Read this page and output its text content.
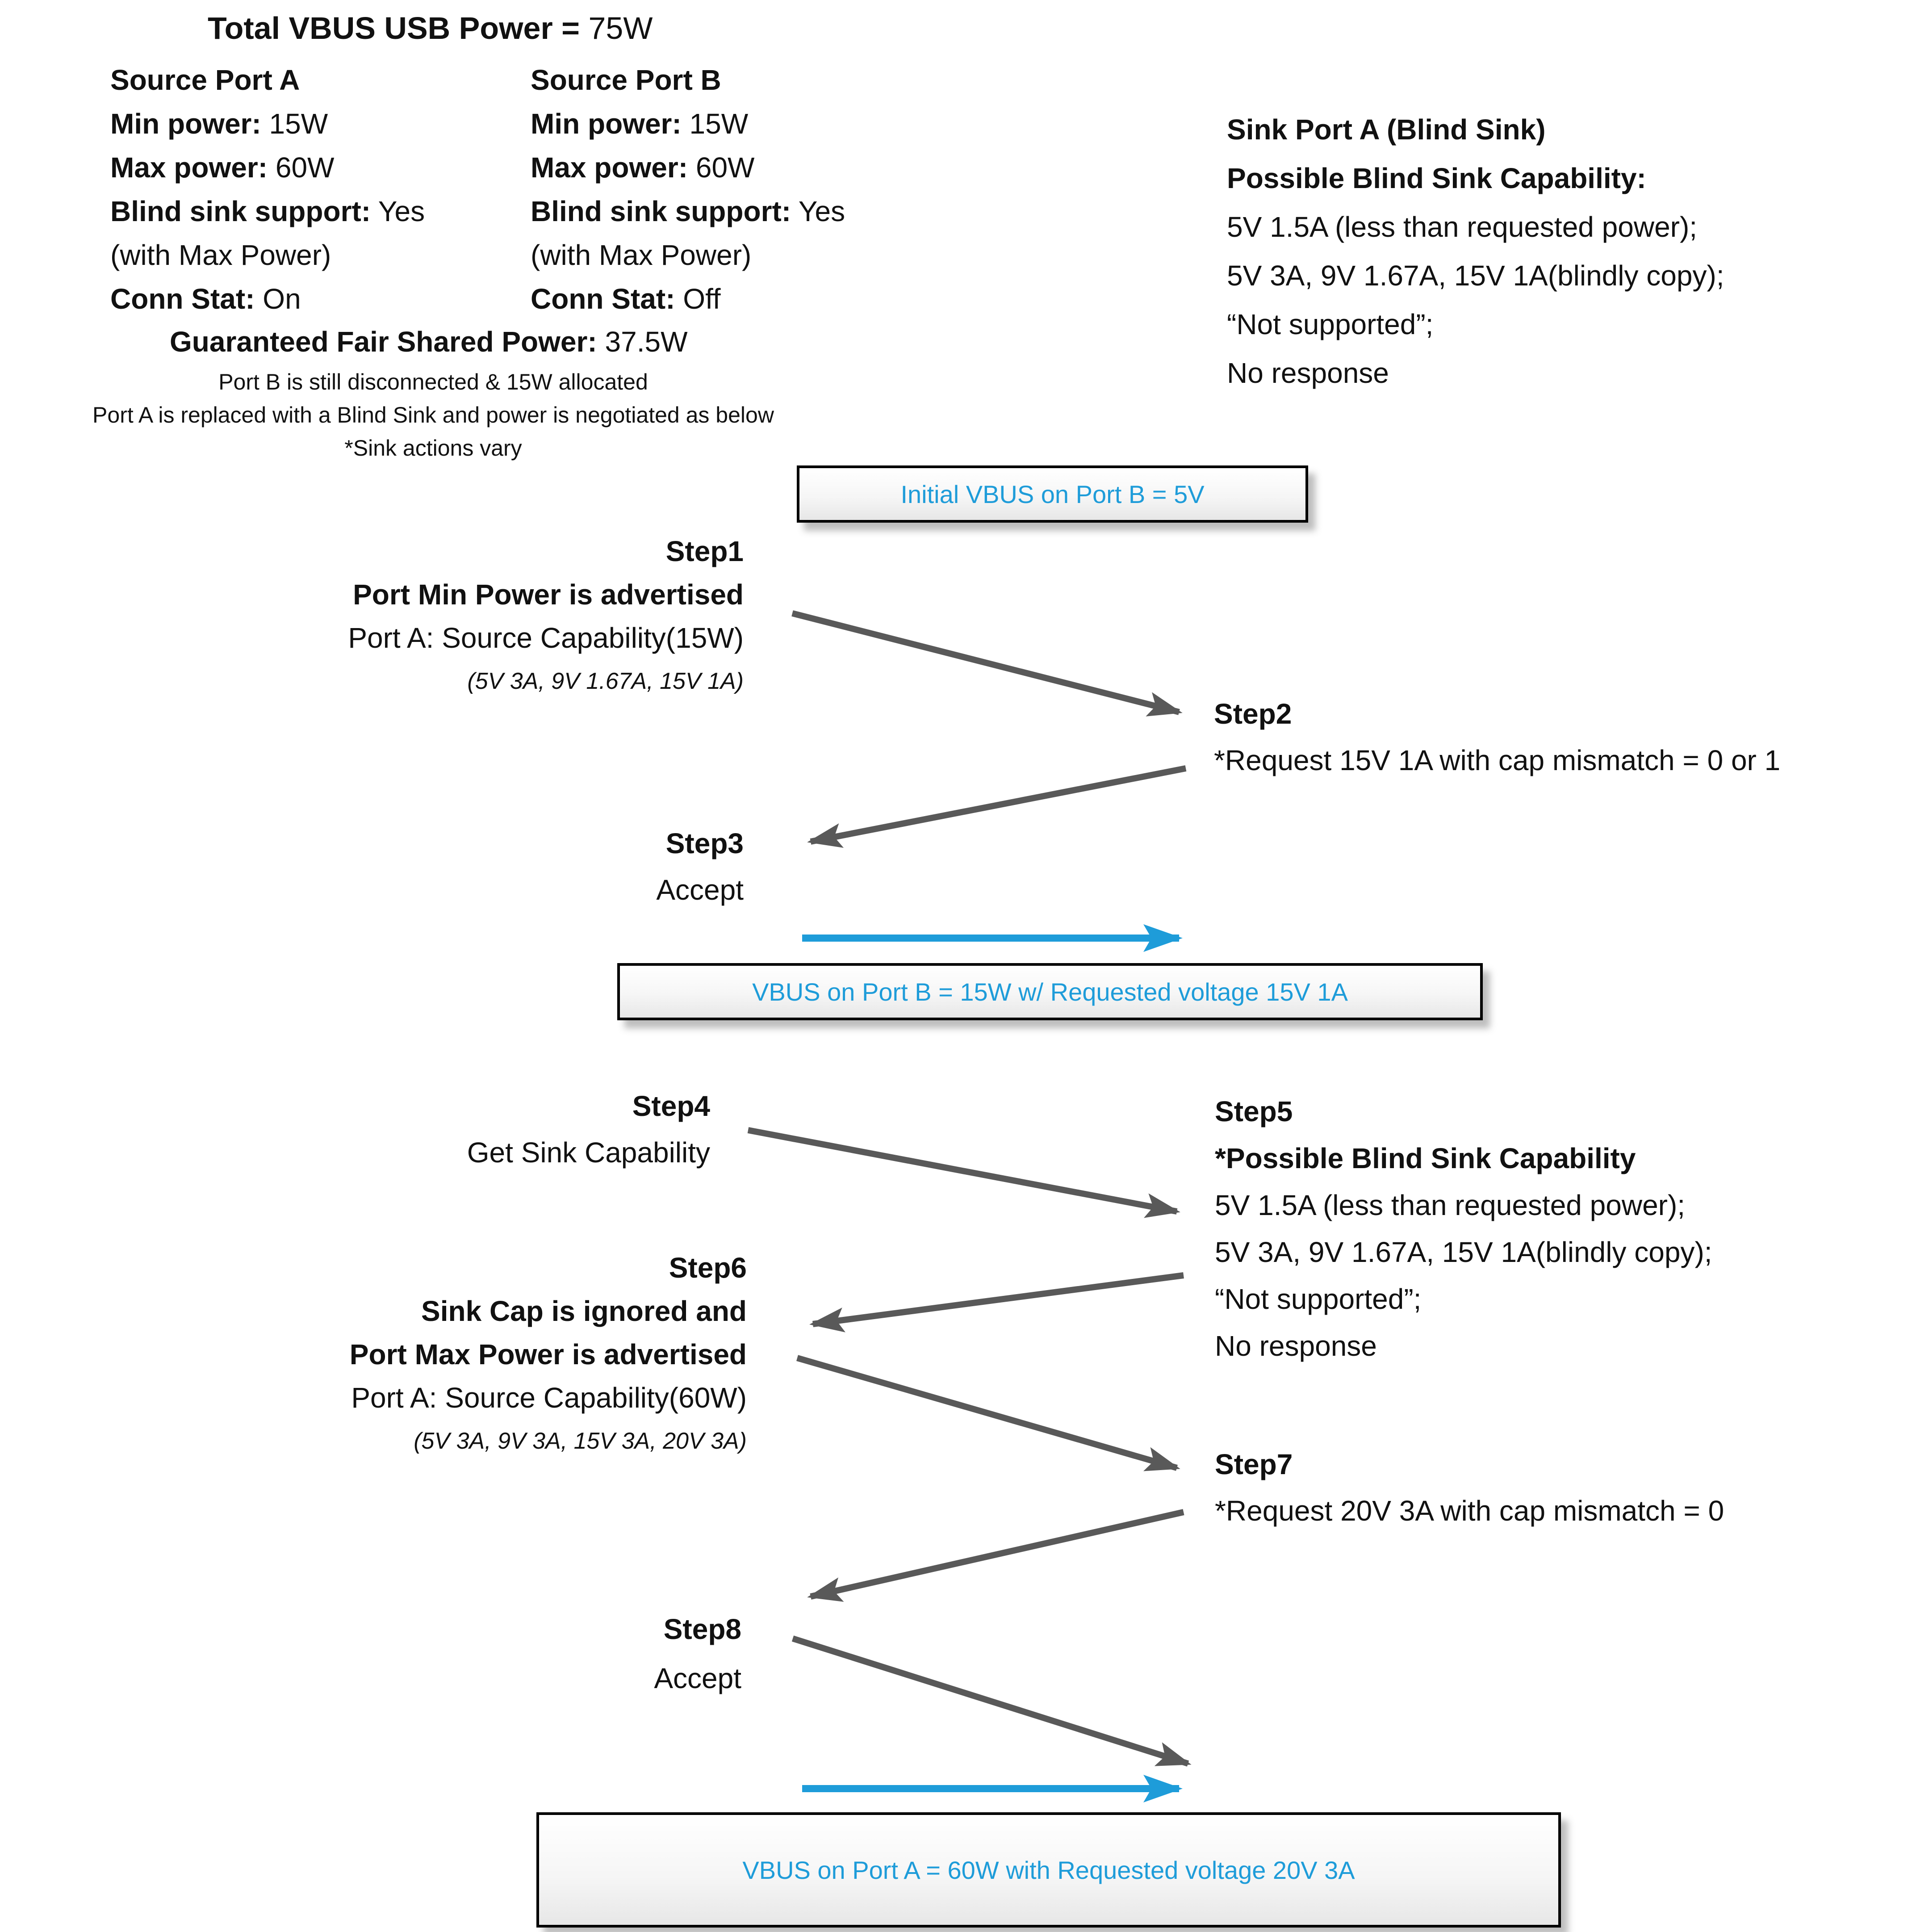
Total VBUS USB Power = 75W
Source Port A
Min power: 15W
Max power: 60W
Blind sink support: Yes
(with Max Power)
Conn Stat: On
Source Port B
Min power: 15W
Max power: 60W
Blind sink support: Yes
(with Max Power)
Conn Stat: Off
Guaranteed Fair Shared Power: 37.5W
Port B is still disconnected & 15W allocated
Port A is replaced with a Blind Sink and power is negotiated as below
*Sink actions vary
Sink Port A (Blind Sink)
Possible Blind Sink Capability:
5V 1.5A (less than requested power);
5V 3A, 9V 1.67A, 15V 1A(blindly copy);
“Not supported”;
No response
Initial VBUS on Port B = 5V
Step1
Port Min Power is advertised
Port A: Source Capability(15W)
(5V 3A, 9V 1.67A, 15V 1A)
Step2
*Request 15V 1A with cap mismatch = 0 or 1
Step3
Accept
VBUS on Port B = 15W w/ Requested voltage 15V 1A
Step4
Get Sink Capability
Step5
*Possible Blind Sink Capability
5V 1.5A (less than requested power);
5V 3A, 9V 1.67A, 15V 1A(blindly copy);
“Not supported”;
No response
Step6
Sink Cap is ignored and
Port Max Power is advertised
Port A: Source Capability(60W)
(5V 3A, 9V 3A, 15V 3A, 20V 3A)
Step7
*Request 20V 3A with cap mismatch = 0
Step8
Accept
VBUS on Port A = 60W with Requested voltage 20V 3A
